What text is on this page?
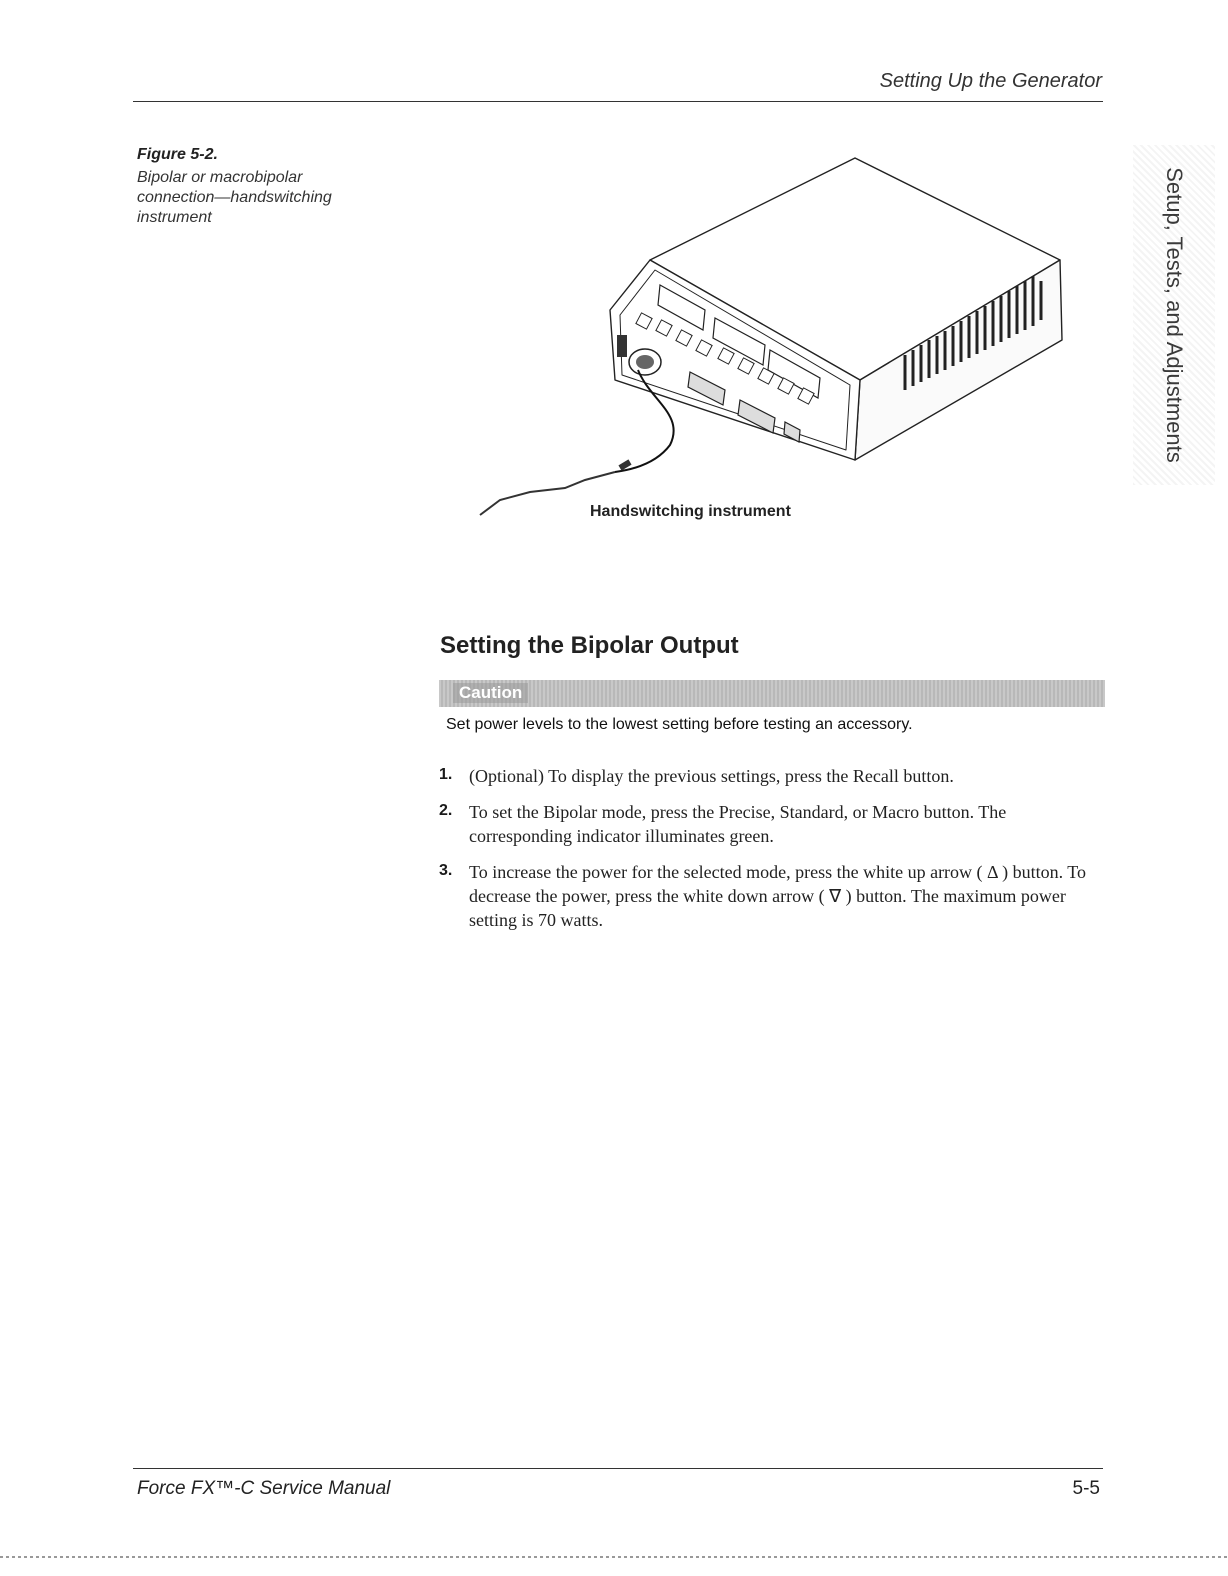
Setting Up the Generator
Figure 5-2.
Bipolar or macrobipolar connection—handswitching instrument	Setup, Tests, and Adjustments
Handswitching instrument
Setting the Bipolar Output
Caution
Set power levels to the lowest setting before testing an accessory.
1. (Optional) To display the previous settings, press the Recall button.
2. To set the Bipolar mode, press the Precise, Standard, or Macro button. The corresponding indicator illuminates green.
3. To increase the power for the selected mode, press the white up arrow ( Δ ) button. To decrease the power, press the white down arrow ( ∇ ) button. The maximum power setting is 70 watts.
Force FX™-C Service Manual	5-5
